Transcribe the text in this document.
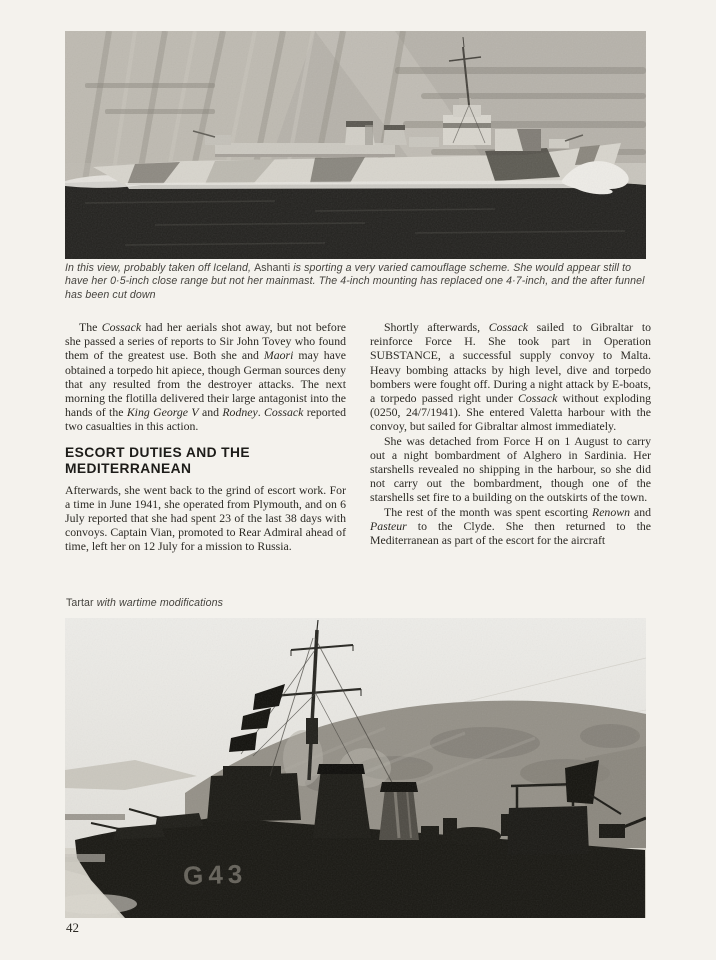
In this view, probably taken off Iceland, Ashanti is sporting a very varied camouflage scheme. She would appear still to have her 0·5-inch close range but not her mainmast. The 4-inch mounting has replaced one 4·7-inch, and the after funnel has been cut down

The Cossack had her aerials shot away, but not before she passed a series of reports to Sir John Tovey who found them of the greatest use. Both she and Maori may have obtained a torpedo hit apiece, though German sources deny that any resulted from the destroyer attacks. The next morning the flotilla delivered their large antagonist into the hands of the King George V and Rodney. Cossack reported two casualties in this action.

ESCORT DUTIES AND THE
MEDITERRANEAN

Afterwards, she went back to the grind of escort work. For a time in June 1941, she operated from Plymouth, and on 6 July reported that she had spent 23 of the last 38 days with convoys. Captain Vian, promoted to Rear Admiral ahead of time, left her on 12 July for a mission to Russia.

Shortly afterwards, Cossack sailed to Gibraltar to reinforce Force H. She took part in Operation SUBSTANCE, a successful supply convoy to Malta. Heavy bombing attacks by high level, dive and torpedo bombers were fought off. During a night attack by E-boats, a torpedo passed right under Cossack without exploding (0250, 24/7/1941). She entered Valetta harbour with the convoy, but sailed for Gibraltar almost immediately.

She was detached from Force H on 1 August to carry out a night bombardment of Alghero in Sardinia. Her starshells revealed no shipping in the harbour, so she did not carry out the bombardment, though one of the starshells set fire to a building on the outskirts of the town.

The rest of the month was spent escorting Renown and Pasteur to the Clyde. She then returned to the Mediterranean as part of the escort for the aircraft

Tartar with wartime modifications
G43
42
